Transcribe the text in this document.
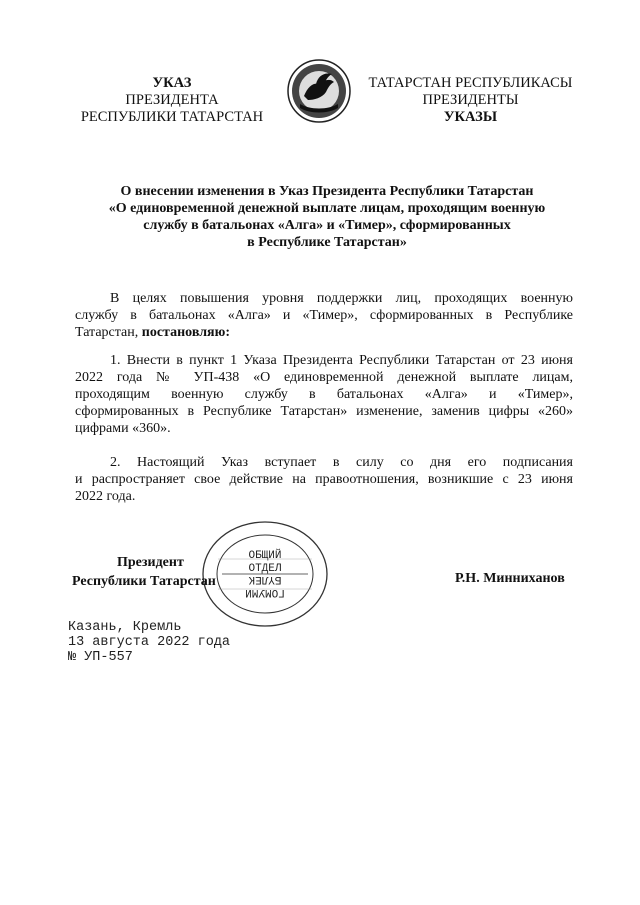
УКАЗ
ПРЕЗИДЕНТА
РЕСПУБЛИКИ ТАТАРСТАН
ТАТАРСТАН РЕСПУБЛИКАСЫ
ПРЕЗИДЕНТЫ
УКАЗЫ
О внесении изменения в Указ Президента Республики Татарстан
«О единовременной денежной выплате лицам, проходящим военную
службу в батальонах «Алга» и «Тимер», сформированных
в Республике Татарстан»
В целях повышения уровня поддержки лиц, проходящих военную
службу в батальонах «Алга» и «Тимер», сформированных в Республике
Татарстан, постановляю:
1. Внести в пункт 1 Указа Президента Республики Татарстан от 23 июня
2022 года № УП-438 «О единовременной денежной выплате лицам,
проходящим военную службу в батальонах «Алга» и «Тимер»,
сформированных в Республике Татарстан» изменение, заменив цифры «260»
цифрами «360».
2. Настоящий Указ вступает в силу со дня его подписания
и распространяет свое действие на правоотношения, возникшие с 23 июня
2022 года.
ОБЩИЙ
ОТДЕЛ
БҮЛЕК
ГОМУМИ
Президент
Республики Татарстан	Р.Н. Минниханов
Казань, Кремль
13 августа 2022 года
№ УП-557
